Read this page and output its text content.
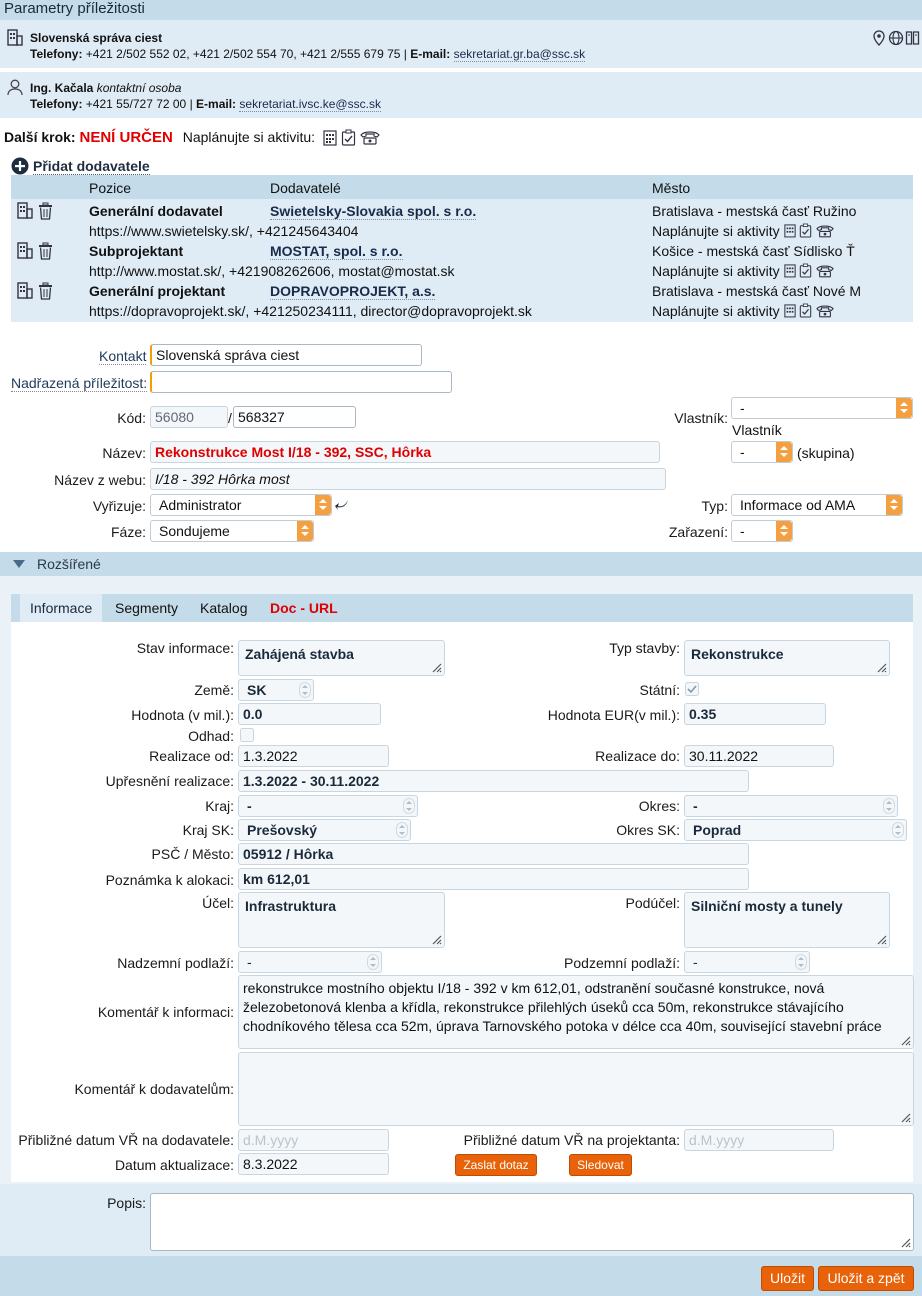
Parametry příležitosti
Slovenská správa ciest
Telefony: +421 2/502 552 02, +421 2/502 554 70, +421 2/555 679 75 | E-mail: sekretariat.gr.ba@ssc.sk
Ing. Kačala kontaktní osoba
Telefony: +421 55/727 72 00 | E-mail: sekretariat.ivsc.ke@ssc.sk
Další krok: NENÍ URČEN Naplánujte si aktivitu:
Přidat dodavatele
Pozice	Dodavatelé	Město
Generální dodavatel	Swietelsky-Slovakia spol. s r.o.	Bratislava - mestská časť Ružino
https://www.swietelsky.sk/, +421245643404	Naplánujte si aktivity
Subprojektant	MOSTAT, spol. s r.o.	Košice - mestská časť Sídlisko Ť
http://www.mostat.sk/, +421908262606, mostat@mostat.sk	Naplánujte si aktivity
Generální projektant	DOPRAVOPROJEKT, a.s.	Bratislava - mestská časť Nové M
https://dopravoprojekt.sk/, +421250234111, director@dopravoprojekt.sk	Naplánujte si aktivity
Kontakt Slovenská správa ciest
Nadřazená příležitost:
Kód: 56080	/ 568327
Název: Rekonstrukce Most I/18 - 392, SSC, Hôrka
Název z webu: I/18 - 392 Hôrka most
Vyřizuje: Administrator
Fáze: Sondujeme
Vlastník:
-
Vlastník
-	(skupina)
Typ: Informace od AMA
Zařazení: -
Rozšířené
Informace	Segmenty	Katalog	Doc - URL
Stav informace: Zahájená stavba	Typ stavby: Rekonstrukce
Země: SK	Státní:
Hodnota (v mil.): 0.0	Hodnota EUR(v mil.): 0.35
Odhad:
Realizace od: 1.3.2022	Realizace do: 30.11.2022
Upřesnění realizace: 1.3.2022 - 30.11.2022
Kraj: -	Okres: -
Kraj SK: Prešovský	Okres SK: Poprad
PSČ / Město: 05912 / Hôrka
Poznámka k alokaci: km 612,01
Účel: Infrastruktura	Podúčel: Silniční mosty a tunely
Nadzemní podlaží: -	Podzemní podlaží: -
Komentář k informaci:
rekonstrukce mostního objektu I/18 - 392 v km 612,01, odstranění současné konstrukce, nová železobetonová klenba a křídla, rekonstrukce přilehlých úseků cca 50m, rekonstrukce stávajícího chodníkového tělesa cca 52m, úprava Tarnovského potoka v délce cca 40m, související stavební práce
Komentář k dodavatelům:
Přibližné datum VŘ na dodavatele: d.M.yyyy	Přibližné datum VŘ na projektanta: d.M.yyyy
Datum aktualizace: 8.3.2022	Zaslat dotaz	Sledovat
Popis:
Uložit	Uložit a zpět
